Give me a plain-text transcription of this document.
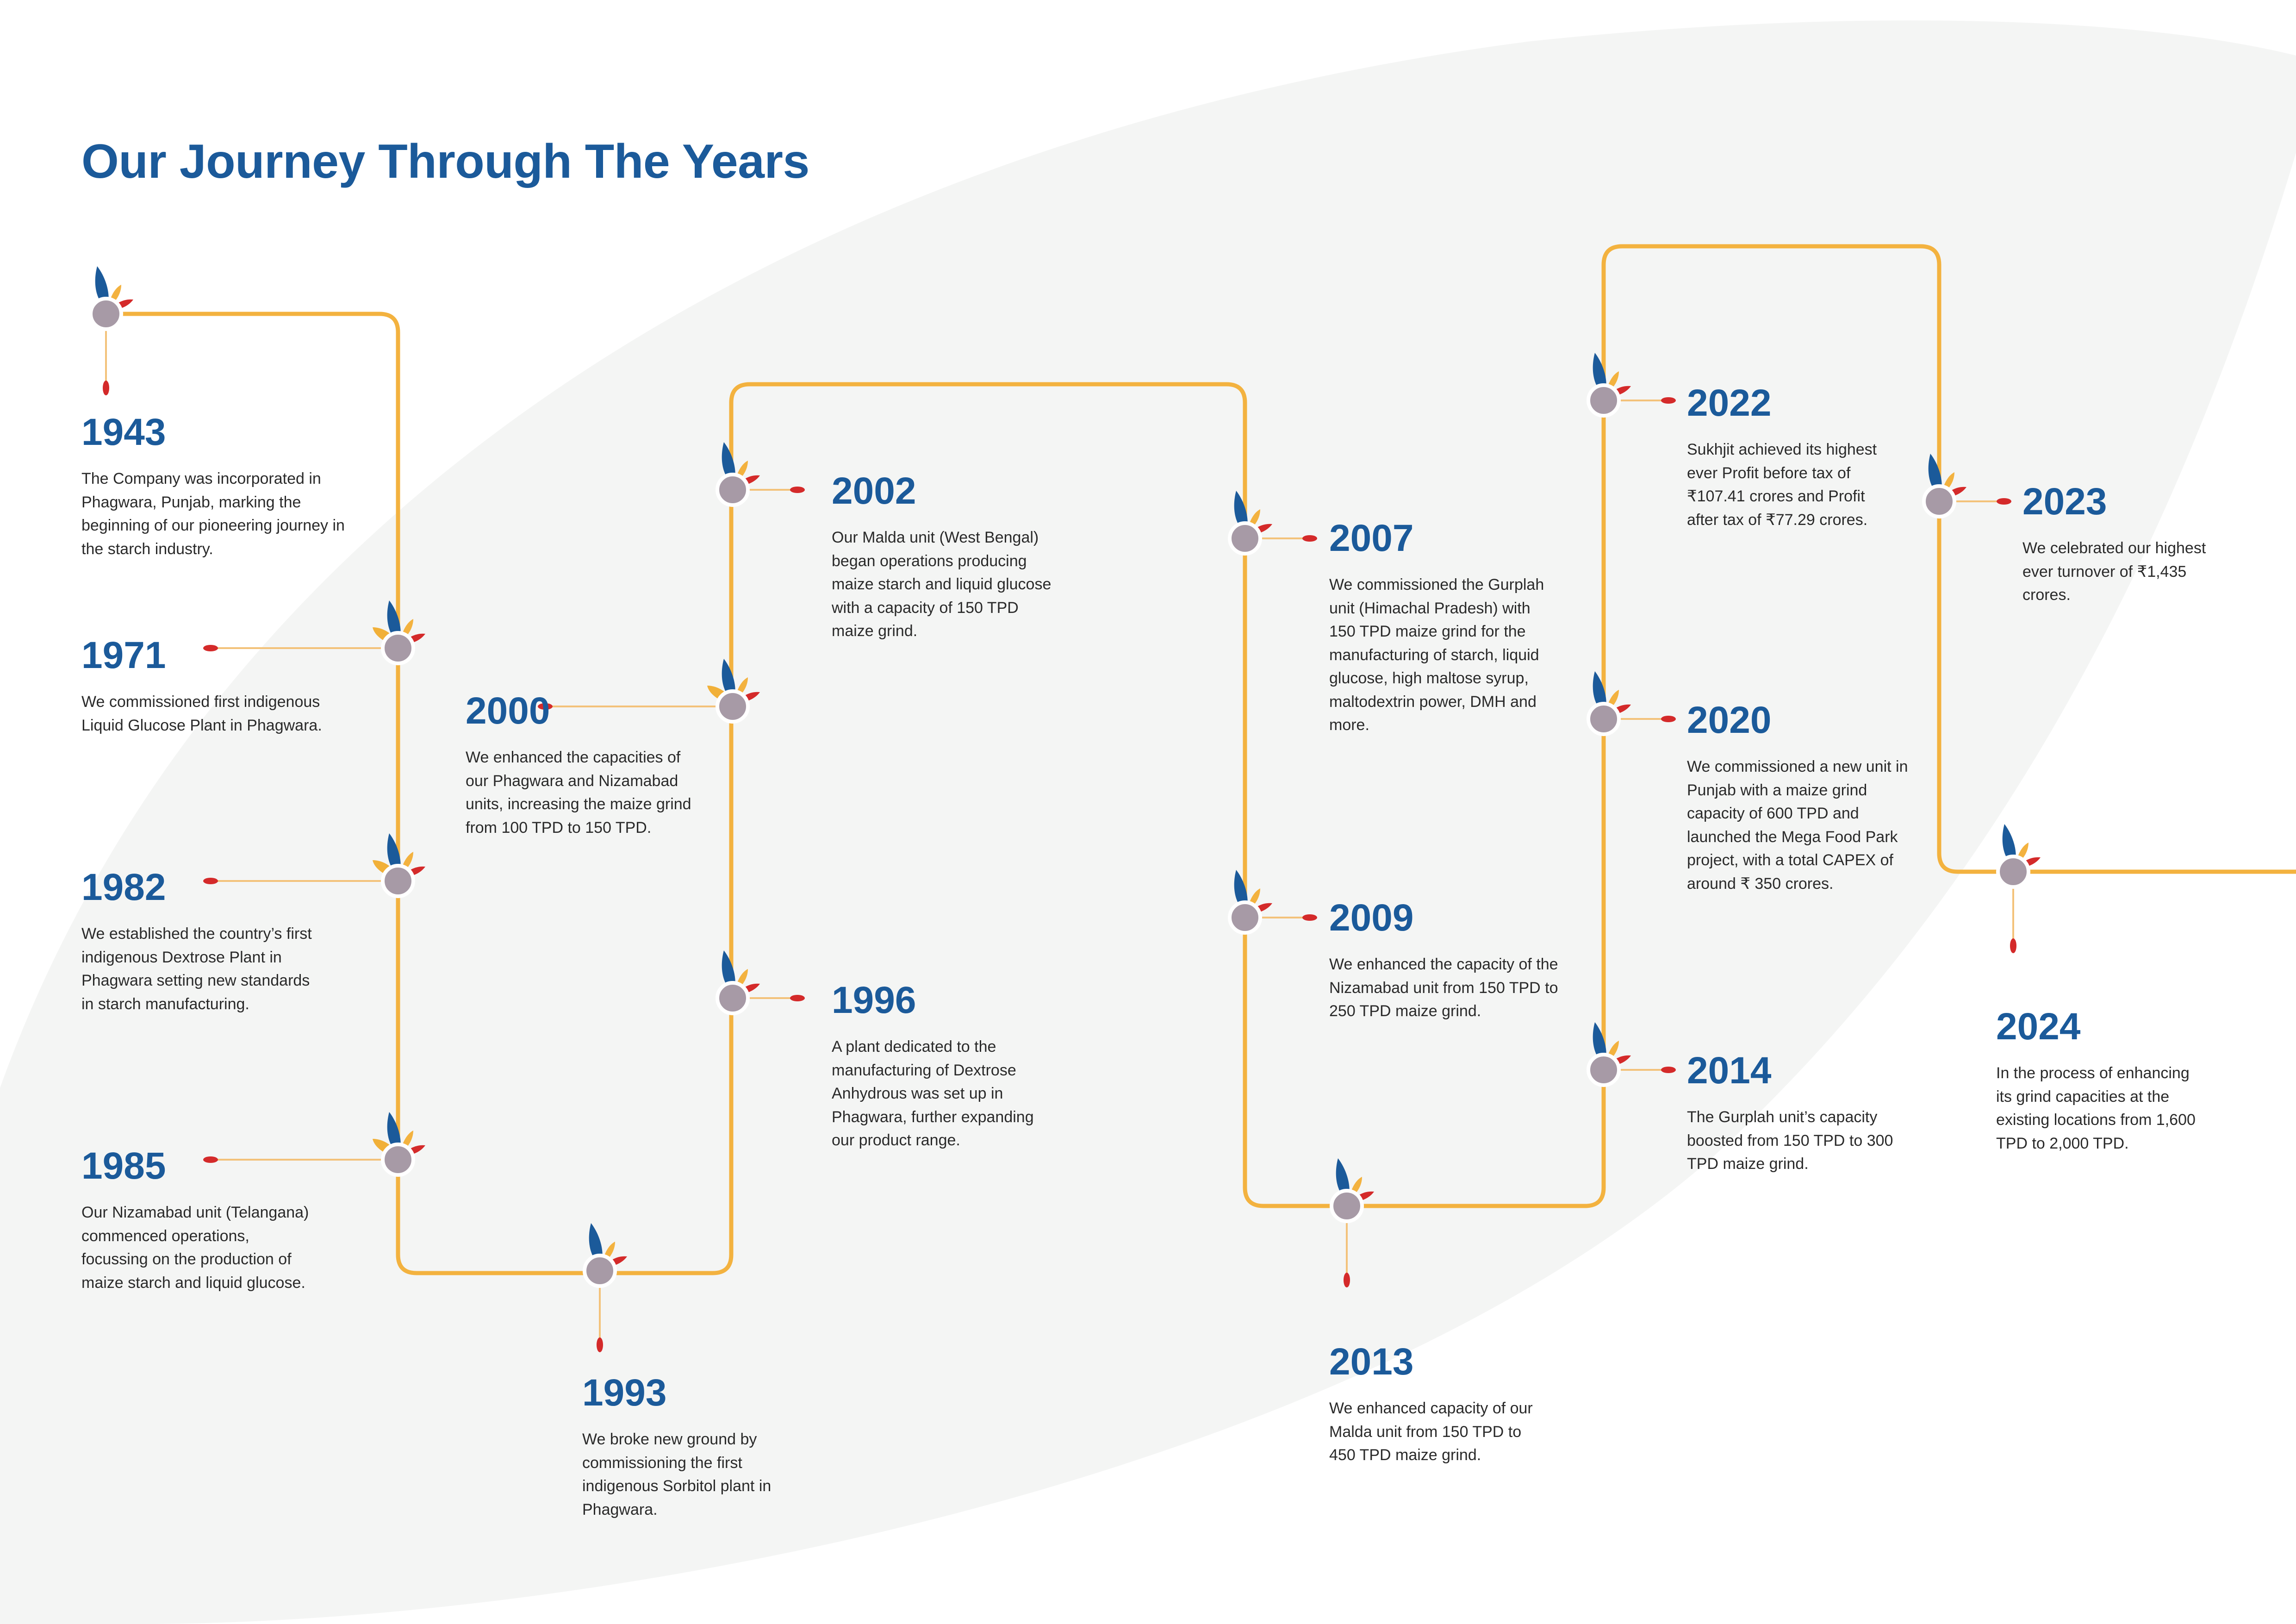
Our Journey Through The Years
1943

The Company was incorporated in Phagwara, Punjab, marking the beginning of our pioneering journey in the starch industry.

1971

We commissioned first indigenous Liquid Glucose Plant in Phagwara.

1982

We established the country’s first indigenous Dextrose Plant in Phagwara setting new standards in starch manufacturing.

1985

Our Nizamabad unit (Telangana) commenced operations, focussing on the production of maize starch and liquid glucose.

1993

We broke new ground by commissioning the first indigenous Sorbitol plant in Phagwara.

1996

A plant dedicated to the manufacturing of Dextrose Anhydrous was set up in Phagwara, further expanding our product range.

2000

We enhanced the capacities of our Phagwara and Nizamabad units, increasing the maize grind from 100 TPD to 150 TPD.

2002

Our Malda unit (West Bengal) began operations producing maize starch and liquid glucose with a capacity of 150 TPD maize grind.

2007

We commissioned the Gurplah unit (Himachal Pradesh) with 150 TPD maize grind for the manufacturing of starch, liquid glucose, high maltose syrup, maltodextrin power, DMH and more.

2009

We enhanced the capacity of the Nizamabad unit from 150 TPD to 250 TPD maize grind.

2013

We enhanced capacity of our Malda unit from 150 TPD to 450 TPD maize grind.

2014

The Gurplah unit’s capacity boosted from 150 TPD to 300 TPD maize grind.

2020

We commissioned a new unit in Punjab with a maize grind capacity of 600 TPD and launched the Mega Food Park project, with a total CAPEX of around ₹ 350 crores.

2022

Sukhjit achieved its highest ever Profit before tax of ₹107.41 crores and Profit after tax of ₹77.29 crores.	2023

We celebrated our highest ever turnover of ₹1,435 crores.

2024

In the process of enhancing its grind capacities at the existing locations from 1,600 TPD to 2,000 TPD.
